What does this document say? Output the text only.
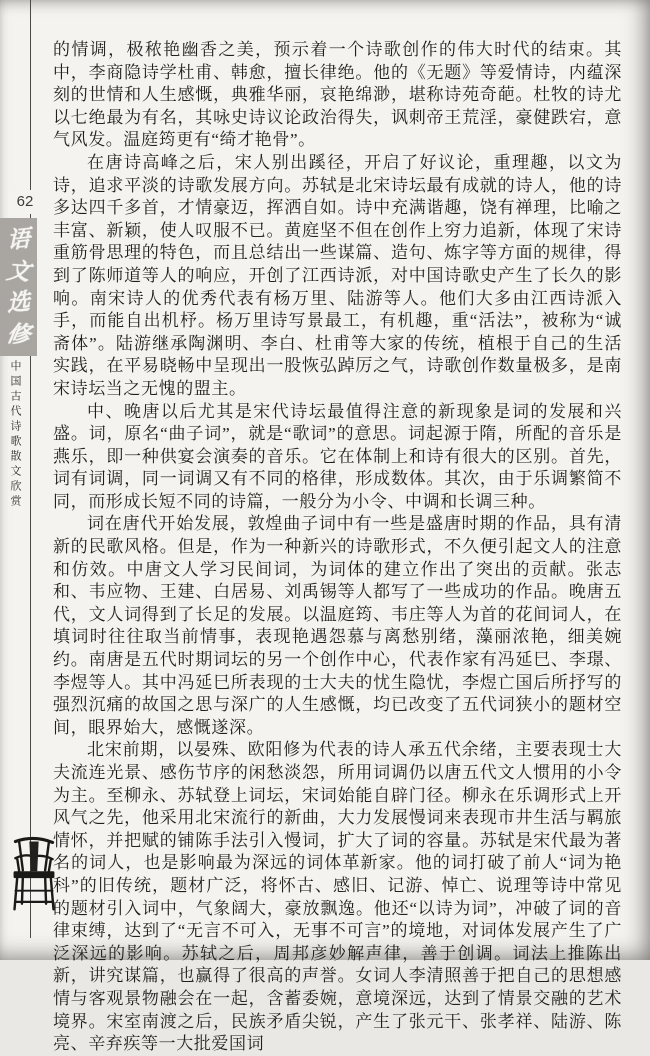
62
语
文
选
修
中国古代诗歌散文欣赏

的情调，极秾艳幽香之美，预示着一个诗歌创作的伟大时代的结束。其中，李商隐诗学杜甫、韩愈，擅长律绝。他的《无题》等爱情诗，内蕴深刻的世情和人生感慨，典雅华丽，哀艳绵渺，堪称诗苑奇葩。杜牧的诗尤以七绝最为有名，其咏史诗议论政治得失，讽刺帝王荒淫，豪健跌宕，意气风发。温庭筠更有“绮才艳骨”。

在唐诗高峰之后，宋人别出蹊径，开启了好议论，重理趣，以文为诗，追求平淡的诗歌发展方向。苏轼是北宋诗坛最有成就的诗人，他的诗多达四千多首，才情豪迈，挥洒自如。诗中充满谐趣，饶有禅理，比喻之丰富、新颖，使人叹服不已。黄庭坚不但在创作上穷力追新，体现了宋诗重筋骨思理的特色，而且总结出一些谋篇、造句、炼字等方面的规律，得到了陈师道等人的响应，开创了江西诗派，对中国诗歌史产生了长久的影响。南宋诗人的优秀代表有杨万里、陆游等人。他们大多由江西诗派入手，而能自出机杼。杨万里诗写景最工，有机趣，重“活法”，被称为“诚斋体”。陆游继承陶渊明、李白、杜甫等大家的传统，植根于自己的生活实践，在平易晓畅中呈现出一股恢弘踔厉之气，诗歌创作数量极多，是南宋诗坛当之无愧的盟主。

中、晚唐以后尤其是宋代诗坛最值得注意的新现象是词的发展和兴盛。词，原名“曲子词”，就是“歌词”的意思。词起源于隋，所配的音乐是燕乐，即一种供宴会演奏的音乐。它在体制上和诗有很大的区别。首先，词有词调，同一词调又有不同的格律，形成数体。其次，由于乐调繁简不同，而形成长短不同的诗篇，一般分为小令、中调和长调三种。

词在唐代开始发展，敦煌曲子词中有一些是盛唐时期的作品，具有清新的民歌风格。但是，作为一种新兴的诗歌形式，不久便引起文人的注意和仿效。中唐文人学习民间词，为词体的建立作出了突出的贡献。张志和、韦应物、王建、白居易、刘禹锡等人都写了一些成功的作品。晚唐五代，文人词得到了长足的发展。以温庭筠、韦庄等人为首的花间词人，在填词时往往取当前情事，表现艳遇怨慕与离愁别绪，藻丽浓艳，细美婉约。南唐是五代时期词坛的另一个创作中心，代表作家有冯延巳、李璟、李煜等人。其中冯延巳所表现的士大夫的忧生隐忧，李煜亡国后所抒写的强烈沉痛的故国之思与深广的人生感慨，均已改变了五代词狭小的题材空间，眼界始大，感慨遂深。

北宋前期，以晏殊、欧阳修为代表的诗人承五代余绪，主要表现士大夫流连光景、感伤节序的闲愁淡怨，所用词调仍以唐五代文人惯用的小令为主。至柳永、苏轼登上词坛，宋词始能自辟门径。柳永在乐调形式上开风气之先，他采用北宋流行的新曲，大力发展慢词来表现市井生活与羁旅情怀，并把赋的铺陈手法引入慢词，扩大了词的容量。苏轼是宋代最为著名的词人，也是影响最为深远的词体革新家。他的词打破了前人“词为艳科”的旧传统，题材广泛，将怀古、感旧、记游、悼亡、说理等诗中常见的题材引入词中，气象阔大，豪放飘逸。他还“以诗为词”，冲破了词的音律束缚，达到了“无言不可入，无事不可言”的境地，对词体发展产生了广泛深远的影响。苏轼之后，周邦彦妙解声律，善于创调。词法上推陈出新，讲究谋篇，也赢得了很高的声誉。女词人李清照善于把自己的思想感情与客观景物融会在一起，含蓄委婉，意境深远，达到了情景交融的艺术境界。宋室南渡之后，民族矛盾尖锐，产生了张元干、张孝祥、陆游、陈亮、辛弃疾等一大批爱国词
